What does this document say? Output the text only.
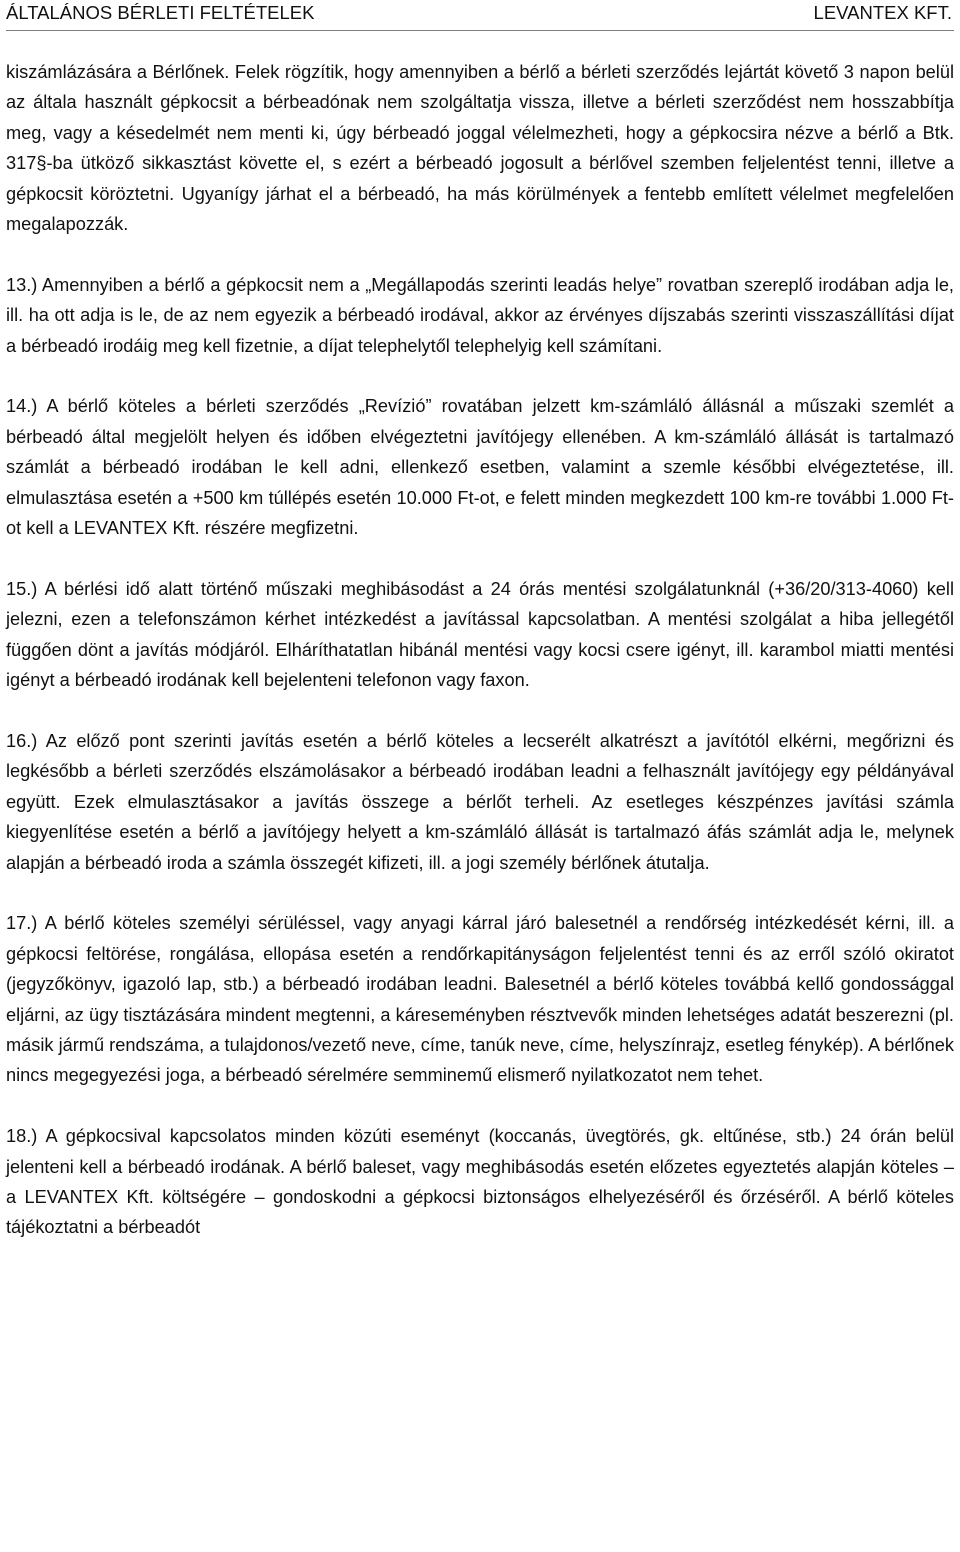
ÁLTALÁNOS BÉRLETI FELTÉTELEK	LEVANTEX KFT.

kiszámlázására a Bérlőnek. Felek rögzítik, hogy amennyiben a bérlő a bérleti szerződés lejártát követő 3 napon belül az általa használt gépkocsit a bérbeadónak nem szolgáltatja vissza, illetve a bérleti szerződést nem hosszabbítja meg, vagy a késedelmét nem menti ki, úgy bérbeadó joggal vélelmezheti, hogy a gépkocsira nézve a bérlő a Btk. 317§-ba ütköző sikkasztást követte el, s ezért a bérbeadó jogosult a bérlővel szemben feljelentést tenni, illetve a gépkocsit köröztetni. Ugyanígy járhat el a bérbeadó, ha más körülmények a fentebb említett vélelmet megfelelően megalapozzák.

13.) Amennyiben a bérlő a gépkocsit nem a „Megállapodás szerinti leadás helye” rovatban szereplő irodában adja le, ill. ha ott adja is le, de az nem egyezik a bérbeadó irodával, akkor az érvényes díjszabás szerinti visszaszállítási díjat a bérbeadó irodáig meg kell fizetnie, a díjat telephelytől telephelyig kell számítani.

14.) A bérlő köteles a bérleti szerződés „Revízió” rovatában jelzett km-számláló állásnál a műszaki szemlét a bérbeadó által megjelölt helyen és időben elvégeztetni javítójegy ellenében. A km-számláló állását is tartalmazó számlát a bérbeadó irodában le kell adni, ellenkező esetben, valamint a szemle későbbi elvégeztetése, ill. elmulasztása esetén a +500 km túllépés esetén 10.000 Ft-ot, e felett minden megkezdett 100 km-re további 1.000 Ft-ot kell a LEVANTEX Kft. részére megfizetni.

15.) A bérlési idő alatt történő műszaki meghibásodást a 24 órás mentési szolgálatunknál (+36/20/313-4060) kell jelezni, ezen a telefonszámon kérhet intézkedést a javítással kapcsolatban. A mentési szolgálat a hiba jellegétől függően dönt a javítás módjáról. Elháríthatatlan hibánál mentési vagy kocsi csere igényt, ill. karambol miatti mentési igényt a bérbeadó irodának kell bejelenteni telefonon vagy faxon.

16.) Az előző pont szerinti javítás esetén a bérlő köteles a lecserélt alkatrészt a javítótól elkérni, megőrizni és legkésőbb a bérleti szerződés elszámolásakor a bérbeadó irodában leadni a felhasznált javítójegy egy példányával együtt. Ezek elmulasztásakor a javítás összege a bérlőt terheli. Az esetleges készpénzes javítási számla kiegyenlítése esetén a bérlő a javítójegy helyett a km-számláló állását is tartalmazó áfás számlát adja le, melynek alapján a bérbeadó iroda a számla összegét kifizeti, ill. a jogi személy bérlőnek átutalja.

17.) A bérlő köteles személyi sérüléssel, vagy anyagi kárral járó balesetnél a rendőrség intézkedését kérni, ill. a gépkocsi feltörése, rongálása, ellopása esetén a rendőrkapitányságon feljelentést tenni és az erről szóló okiratot (jegyzőkönyv, igazoló lap, stb.) a bérbeadó irodában leadni. Balesetnél a bérlő köteles továbbá kellő gondossággal eljárni, az ügy tisztázására mindent megtenni, a káreseményben résztvevők minden lehetséges adatát beszerezni (pl. másik jármű rendszáma, a tulajdonos/vezető neve, címe, tanúk neve, címe, helyszínrajz, esetleg fénykép). A bérlőnek nincs megegyezési joga, a bérbeadó sérelmére semminemű elismerő nyilatkozatot nem tehet.

18.) A gépkocsival kapcsolatos minden közúti eseményt (koccanás, üvegtörés, gk. eltűnése, stb.) 24 órán belül jelenteni kell a bérbeadó irodának. A bérlő baleset, vagy meghibásodás esetén előzetes egyeztetés alapján köteles – a LEVANTEX Kft. költségére – gondoskodni a gépkocsi biztonságos elhelyezéséről és őrzéséről. A bérlő köteles tájékoztatni a bérbeadót
